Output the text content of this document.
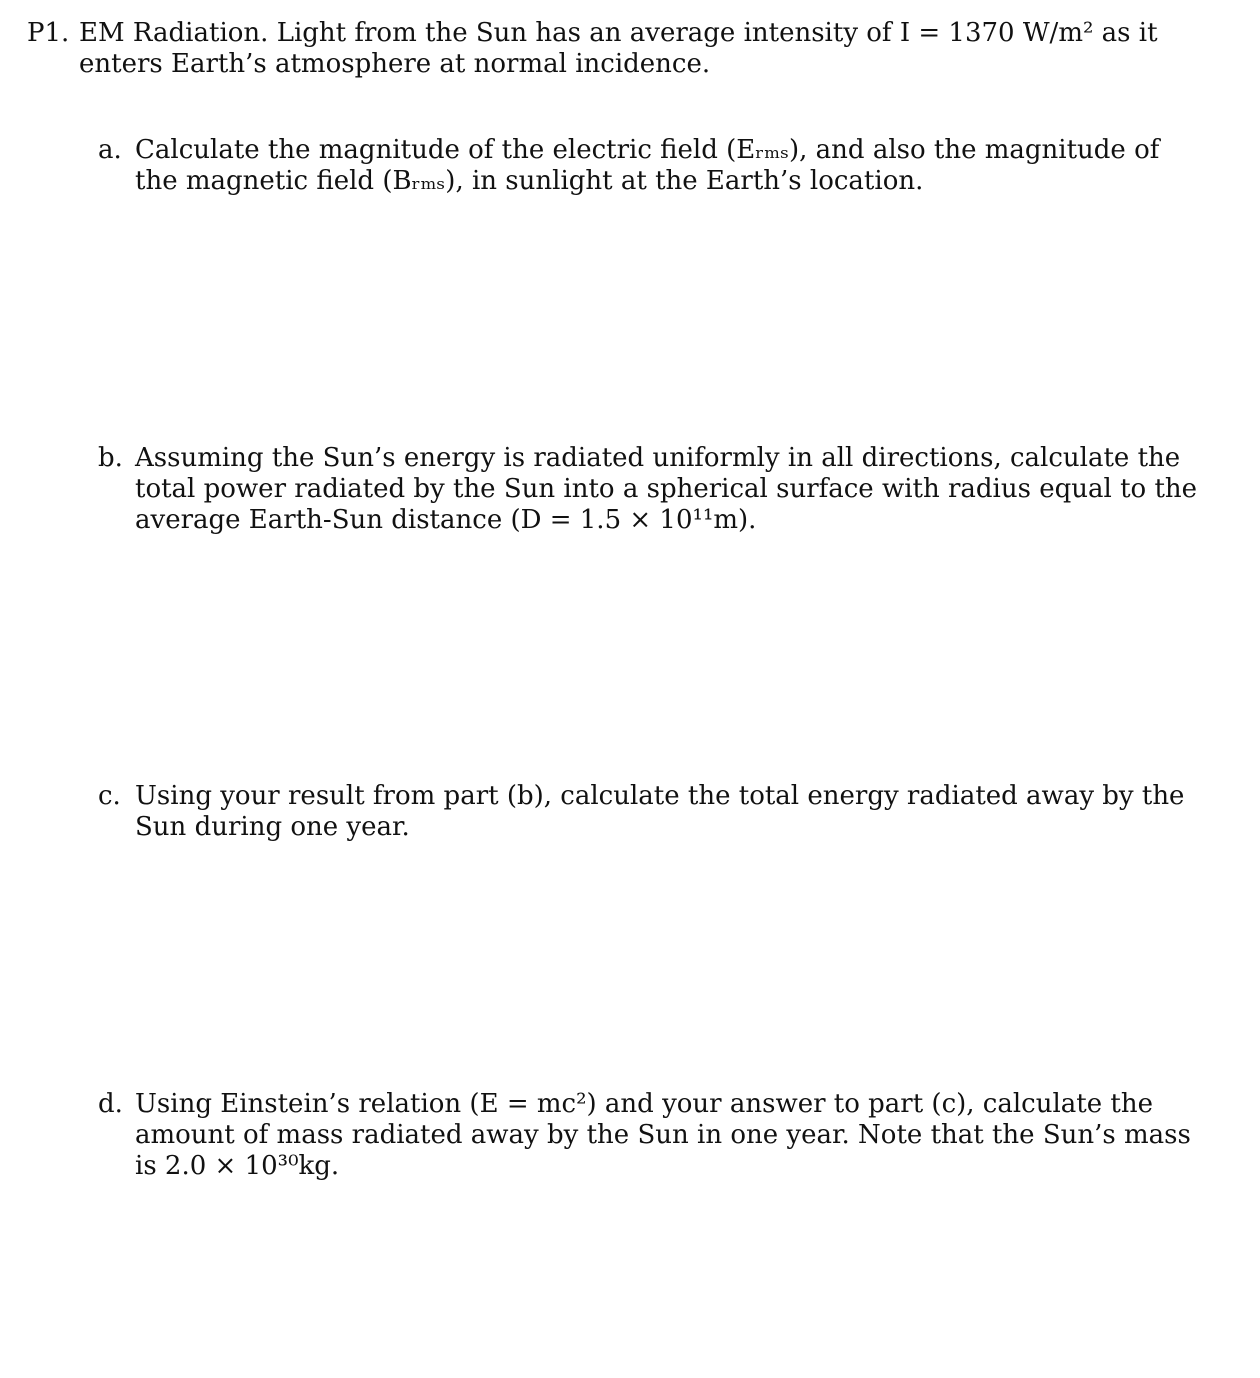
P1. EM Radiation. Light from the Sun has an average intensity of I = 1370 W/m² as it
enters Earth’s atmosphere at normal incidence.
a. Calculate the magnitude of the electric field (Eᵣₘₛ), and also the magnitude of
the magnetic field (Bᵣₘₛ), in sunlight at the Earth’s location.
b. Assuming the Sun’s energy is radiated uniformly in all directions, calculate the
total power radiated by the Sun into a spherical surface with radius equal to the
average Earth-Sun distance (D = 1.5 × 10¹¹m).
c. Using your result from part (b), calculate the total energy radiated away by the
Sun during one year.
d. Using Einstein’s relation (E = mc²) and your answer to part (c), calculate the
amount of mass radiated away by the Sun in one year. Note that the Sun’s mass
is 2.0 × 10³⁰kg.
